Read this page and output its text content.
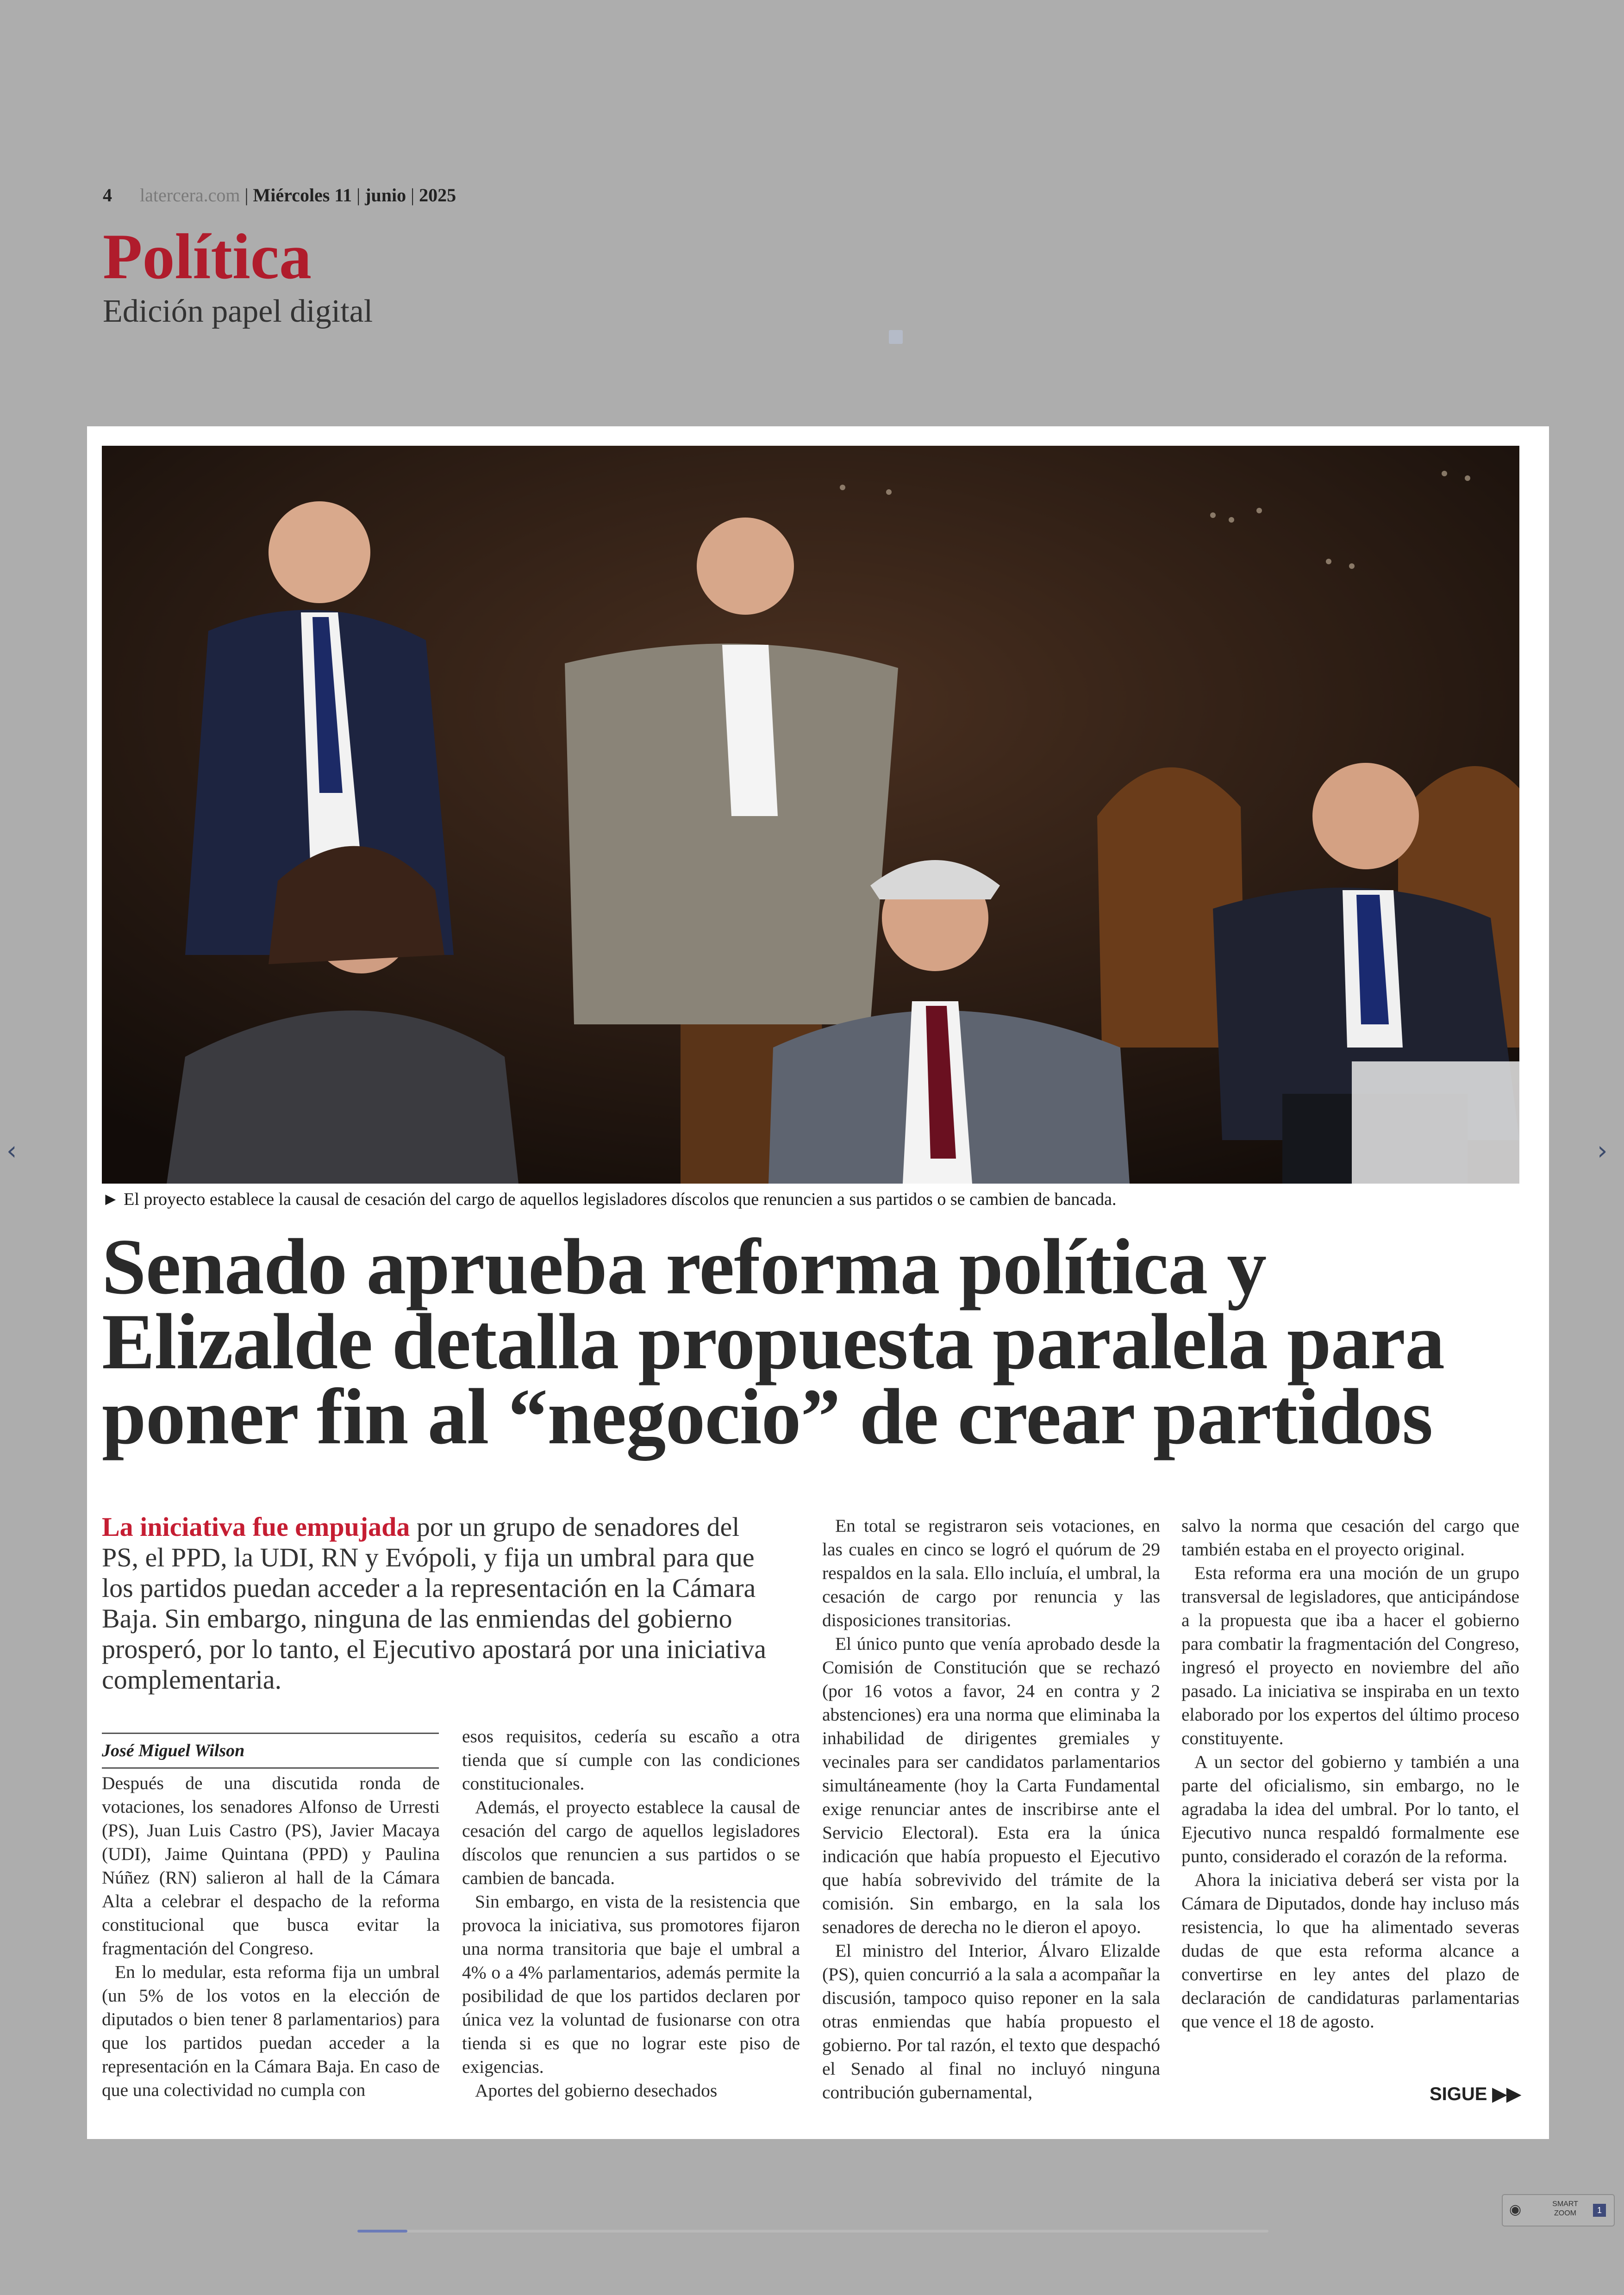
4 latercera.com | Miércoles 11 | junio | 2025
Política
Edición papel digital
► El proyecto establece la causal de cesación del cargo de aquellos legisladores díscolos que renuncien a sus partidos o se cambien de bancada.
Senado aprueba reforma política y
Elizalde detalla propuesta paralela para
poner fin al “negocio” de crear partidos
La iniciativa fue empujada por un grupo de senadores del PS, el PPD, la UDI, RN y Evópoli, y fija un umbral para que los partidos puedan acceder a la representación en la Cámara Baja. Sin embargo, ninguna de las enmiendas del gobierno prosperó, por lo tanto, el Ejecutivo apostará por una iniciativa complementaria.
José Miguel Wilson

Después de una discutida ronda de votaciones, los senadores Alfonso de Urresti (PS), Juan Luis Castro (PS), Javier Macaya (UDI), Jaime Quintana (PPD) y Paulina Núñez (RN) salieron al hall de la Cámara Alta a celebrar el despacho de la reforma constitucional que busca evitar la fragmentación del Congreso.

En lo medular, esta reforma fija un umbral (un 5% de los votos en la elección de diputados o bien tener 8 parlamentarios) para que los partidos puedan acceder a la representación en la Cámara Baja. En caso de que una colectividad no cumpla con

esos requisitos, cedería su escaño a otra tienda que sí cumple con las condiciones constitucionales.

Además, el proyecto establece la causal de cesación del cargo de aquellos legisladores díscolos que renuncien a sus partidos o se cambien de bancada.

Sin embargo, en vista de la resistencia que provoca la iniciativa, sus promotores fijaron una norma transitoria que baje el umbral a 4% o a 4% parlamentarios, además permite la posibilidad de que los partidos declaren por única vez la voluntad de fusionarse con otra tienda si es que no lograr este piso de exigencias.

Aportes del gobierno desechados

En total se registraron seis votaciones, en las cuales en cinco se logró el quórum de 29 respaldos en la sala. Ello incluía, el umbral, la cesación de cargo por renuncia y las disposiciones transitorias.

El único punto que venía aprobado desde la Comisión de Constitución que se rechazó (por 16 votos a favor, 24 en contra y 2 abstenciones) era una norma que eliminaba la inhabilidad de dirigentes gremiales y vecinales para ser candidatos parlamentarios simultáneamente (hoy la Carta Fundamental exige renunciar antes de inscribirse ante el Servicio Electoral). Esta era la única indicación que había propuesto el Ejecutivo que había sobrevivido del trámite de la comisión. Sin embargo, en la sala los senadores de derecha no le dieron el apoyo.

El ministro del Interior, Álvaro Elizalde (PS), quien concurrió a la sala a acompañar la discusión, tampoco quiso reponer en la sala otras enmiendas que había propuesto el gobierno. Por tal razón, el texto que despachó el Senado al final no incluyó ninguna contribución gubernamental,

salvo la norma que cesación del cargo que también estaba en el proyecto original.

Esta reforma era una moción de un grupo transversal de legisladores, que anticipándose a la propuesta que iba a hacer el gobierno para combatir la fragmentación del Congreso, ingresó el proyecto en noviembre del año pasado. La iniciativa se inspiraba en un texto elaborado por los expertos del último proceso constituyente.

A un sector del gobierno y también a una parte del oficialismo, sin embargo, no le agradaba la idea del umbral. Por lo tanto, el Ejecutivo nunca respaldó formalmente ese punto, considerado el corazón de la reforma.

Ahora la iniciativa deberá ser vista por la Cámara de Diputados, donde hay incluso más resistencia, lo que ha alimentado severas dudas de que esta reforma alcance a convertirse en ley antes del plazo de declaración de candidaturas parlamentarias que vence el 18 de agosto.

SIGUE ▶▶
‹	›
◉	SMART
ZOOM	1
